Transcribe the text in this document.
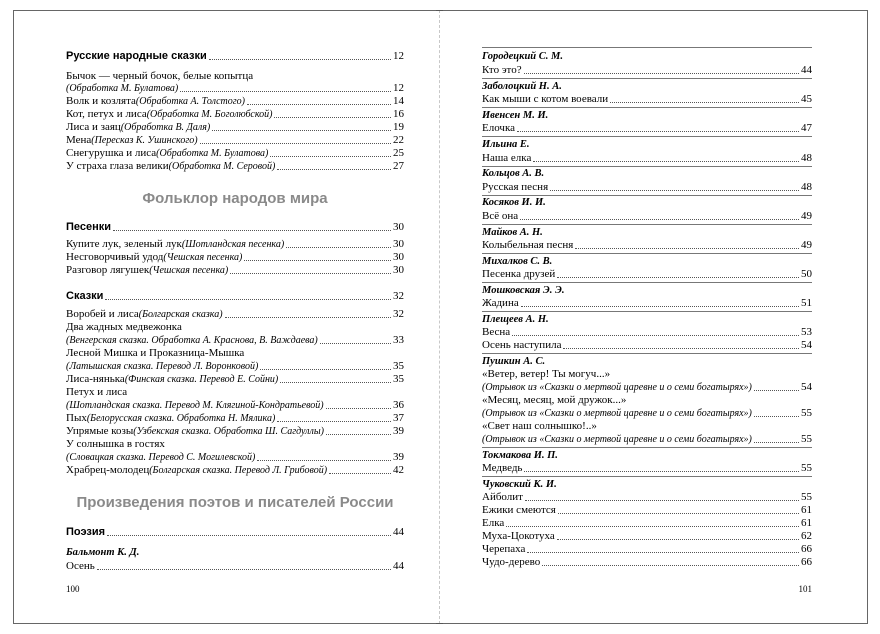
Русские народные сказки	12
Бычок — черный бочок, белые копытца
(Обработка М. Булатова)	12
Волк и козлята (Обработка А. Толстого)	14
Кот, петух и лиса (Обработка М. Боголюбской)	16
Лиса и заяц (Обработка В. Даля)	19
Мена (Пересказ К. Ушинского)	22
Снегурушка и лиса (Обработка М. Булатова)	25
У страха глаза велики (Обработка М. Серовой)	27
Фольклор народов мира
Песенки	30
Купите лук, зеленый лук (Шотландская песенка)	30
Несговорчивый удод (Чешская песенка)	30
Разговор лягушек (Чешская песенка)	30
Сказки	32
Воробей и лиса (Болгарская сказка)	32
Два жадных медвежонка
(Венгерская сказка. Обработка А. Краснова, В. Важдаева)	33
Лесной Мишка и Проказница-Мышка
(Латышская сказка. Перевод Л. Воронковой)	35
Лиса-нянька (Финская сказка. Перевод Е. Сойни)	35
Петух и лиса
(Шотландская сказка. Перевод М. Клягиной-Кондратьевой)	36
Пых (Белорусская сказка. Обработка Н. Мялика)	37
Упрямые козы (Узбекская сказка. Обработка Ш. Сагдуллы)	39
У солнышка в гостях
(Словацкая сказка. Перевод С. Могилевской)	39
Храбрец-молодец (Болгарская сказка. Перевод Л. Грибовой)	42
Произведения поэтов и писателей России
Поэзия	44
Бальмонт К. Д.
Осень	44
100
Городецкий С. М.
Кто это?	44
Заболоцкий Н. А.
Как мыши с котом воевали	45
Ивенсен М. И.
Елочка	47
Ильина Е.
Наша елка	48
Кольцов А. В.
Русская песня	48
Косяков И. И.
Всё она	49
Майков А. Н.
Колыбельная песня	49
Михалков С. В.
Песенка друзей	50
Мошковская Э. Э.
Жадина	51
Плещеев А. Н.
Весна	53
Осень наступила	54
Пушкин А. С.
«Ветер, ветер! Ты могуч...»
(Отрывок из «Сказки о мертвой царевне и о семи богатырях»)	54
«Месяц, месяц, мой дружок...»
(Отрывок из «Сказки о мертвой царевне и о семи богатырях»)	55
«Свет наш солнышко!..»
(Отрывок из «Сказки о мертвой царевне и о семи богатырях»)	55
Токмакова И. П.
Медведь	55
Чуковский К. И.
Айболит	55
Ежики смеются	61
Елка	61
Муха-Цокотуха	62
Черепаха	66
Чудо-дерево	66
101
